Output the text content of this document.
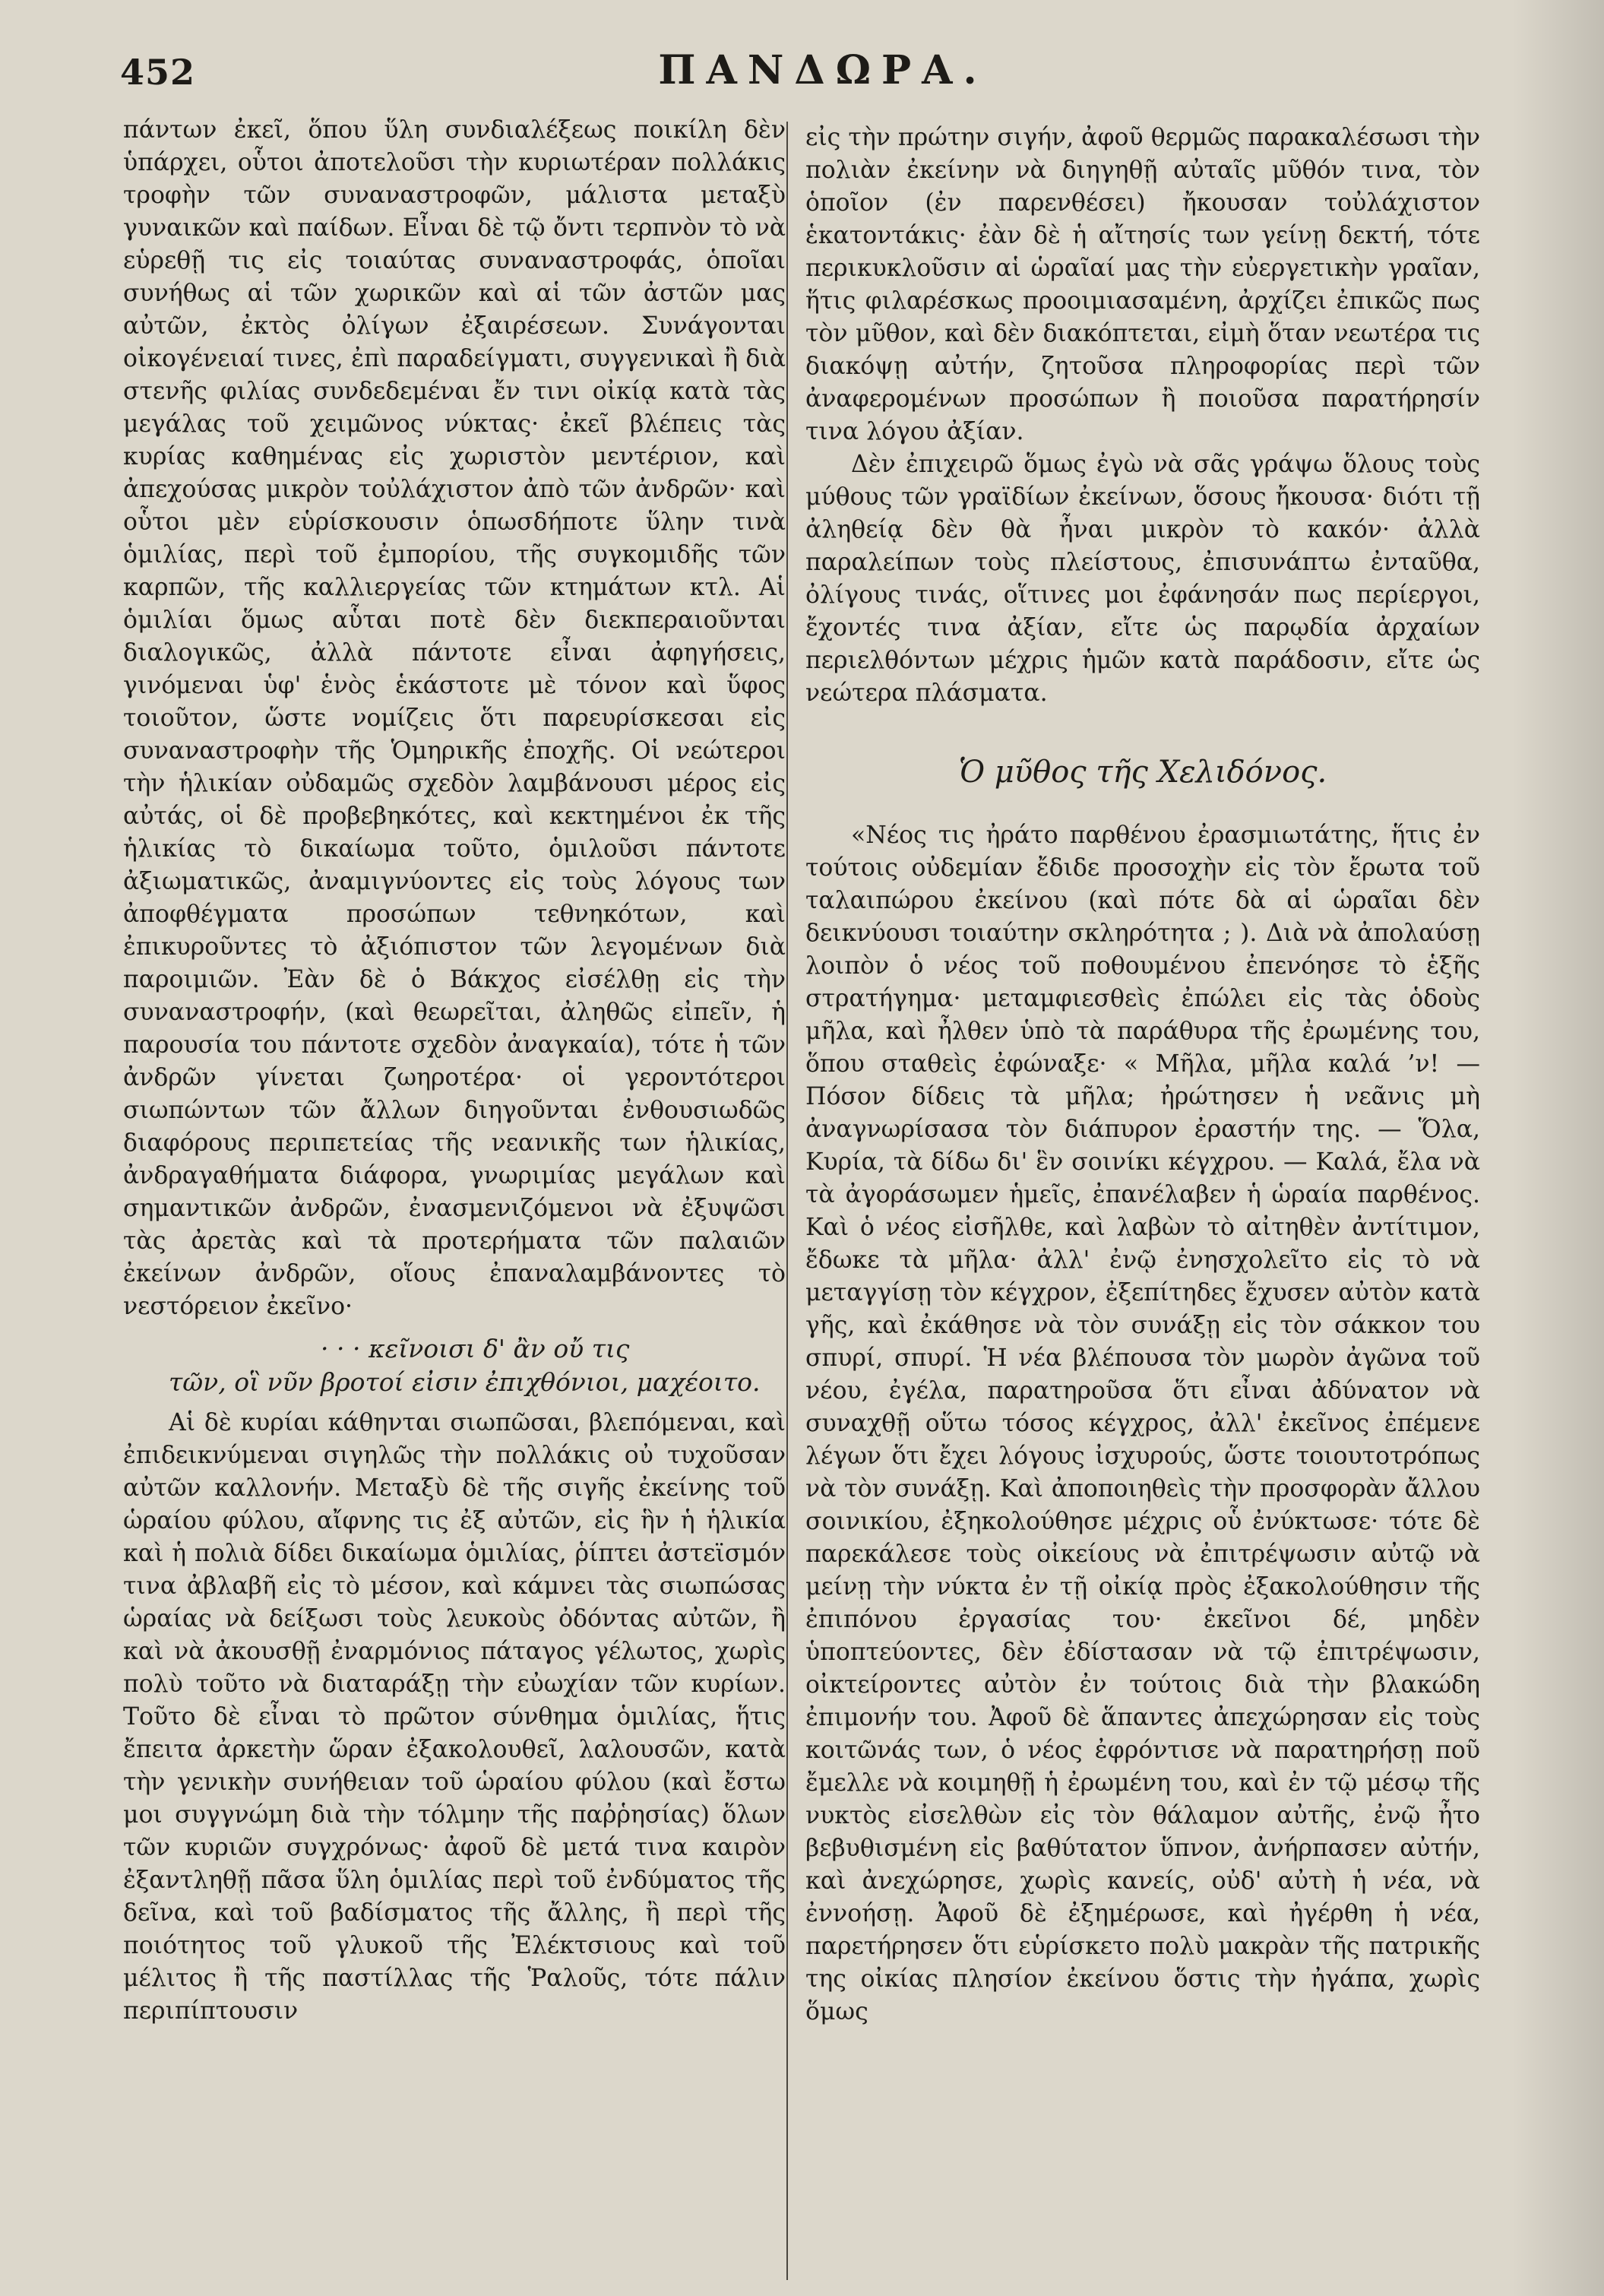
452	ΠΑΝΔΩΡΑ.

πάντων ἐκεῖ, ὅπου ὕλη συνδιαλέξεως ποικίλη δὲν ὑπάρχει, οὗτοι ἀποτελοῦσι τὴν κυριωτέραν πολλάκις τροφὴν τῶν συναναστροφῶν, μάλιστα μεταξὺ γυναικῶν καὶ παίδων. Εἶναι δὲ τῷ ὄντι τερπνὸν τὸ νὰ εὑρεθῇ τις εἰς τοιαύτας συναναστροφάς, ὁποῖαι συνήθως αἱ τῶν χωρικῶν καὶ αἱ τῶν ἀστῶν μας αὐτῶν, ἐκτὸς ὀλίγων ἐξαιρέσεων. Συνάγονται οἰκογένειαί τινες, ἐπὶ παραδείγματι, συγγενικαὶ ἢ διὰ στενῆς φιλίας συνδεδεμέναι ἔν τινι οἰκίᾳ κατὰ τὰς μεγάλας τοῦ χειμῶνος νύκτας· ἐκεῖ βλέπεις τὰς κυρίας καθημένας εἰς χωριστὸν μεντέριον, καὶ ἀπεχούσας μικρὸν τοὐλάχιστον ἀπὸ τῶν ἀνδρῶν· καὶ οὗτοι μὲν εὑρίσκουσιν ὁπωσδήποτε ὕλην τινὰ ὁμιλίας, περὶ τοῦ ἐμπορίου, τῆς συγκομιδῆς τῶν καρπῶν, τῆς καλλιεργείας τῶν κτημάτων κτλ. Αἱ ὁμιλίαι ὅμως αὗται ποτὲ δὲν διεκπεραιοῦνται διαλογικῶς, ἀλλὰ πάντοτε εἶναι ἀφηγήσεις, γινόμεναι ὑφ' ἑνὸς ἑκάστοτε μὲ τόνον καὶ ὕφος τοιοῦτον, ὥστε νομίζεις ὅτι παρευρίσκεσαι εἰς συναναστροφὴν τῆς Ὁμηρικῆς ἐποχῆς. Οἱ νεώτεροι τὴν ἡλικίαν οὐδαμῶς σχεδὸν λαμβάνουσι μέρος εἰς αὐτάς, οἱ δὲ προβεβηκότες, καὶ κεκτημένοι ἐκ τῆς ἡλικίας τὸ δικαίωμα τοῦτο, ὁμιλοῦσι πάντοτε ἀξιωματικῶς, ἀναμιγνύοντες εἰς τοὺς λόγους των ἀποφθέγματα προσώπων τεθνηκότων, καὶ ἐπικυροῦντες τὸ ἀξιόπιστον τῶν λεγομένων διὰ παροιμιῶν. Ἐὰν δὲ ὁ Βάκχος εἰσέλθῃ εἰς τὴν συναναστροφήν, (καὶ θεωρεῖται, ἀληθῶς εἰπεῖν, ἡ παρουσία του πάντοτε σχεδὸν ἀναγκαία), τότε ἡ τῶν ἀνδρῶν γίνεται ζωηροτέρα· οἱ γεροντότεροι σιωπώντων τῶν ἄλλων διηγοῦνται ἐνθουσιωδῶς διαφόρους περιπετείας τῆς νεανικῆς των ἡλικίας, ἀνδραγαθήματα διάφορα, γνωριμίας μεγάλων καὶ σημαντικῶν ἀνδρῶν, ἐνασμενιζόμενοι νὰ ἐξυψῶσι τὰς ἀρετὰς καὶ τὰ προτερήματα τῶν παλαιῶν ἐκείνων ἀνδρῶν, οἵους ἐπαναλαμβάνοντες τὸ νεστόρειον ἐκεῖνο·

· · · κεῖνοισι δ' ἂν οὔ τις
τῶν, οἳ νῦν βροτοί εἰσιν ἐπιχθόνιοι, μαχέοιτο.

Αἱ δὲ κυρίαι κάθηνται σιωπῶσαι, βλεπόμεναι, καὶ ἐπιδεικνύμεναι σιγηλῶς τὴν πολλάκις οὐ τυχοῦσαν αὐτῶν καλλονήν. Μεταξὺ δὲ τῆς σιγῆς ἐκείνης τοῦ ὡραίου φύλου, αἴφνης τις ἐξ αὐτῶν, εἰς ἣν ἡ ἡλικία καὶ ἡ πολιὰ δίδει δικαίωμα ὁμιλίας, ῥίπτει ἀστεϊσμόν τινα ἀβλαβῆ εἰς τὸ μέσον, καὶ κάμνει τὰς σιωπώσας ὡραίας νὰ δείξωσι τοὺς λευκοὺς ὀδόντας αὐτῶν, ἢ καὶ νὰ ἀκουσθῇ ἐναρμόνιος πάταγος γέλωτος, χωρὶς πολὺ τοῦτο νὰ διαταράξῃ τὴν εὐωχίαν τῶν κυρίων. Τοῦτο δὲ εἶναι τὸ πρῶτον σύνθημα ὁμιλίας, ἥτις ἔπειτα ἀρκετὴν ὥραν ἐξακολουθεῖ, λαλουσῶν, κατὰ τὴν γενικὴν συνήθειαν τοῦ ὡραίου φύλου (καὶ ἔστω μοι συγγνώμη διὰ τὴν τόλμην τῆς παῤῥησίας) ὅλων τῶν κυριῶν συγχρόνως· ἀφοῦ δὲ μετά τινα καιρὸν ἐξαντληθῇ πᾶσα ὕλη ὁμιλίας περὶ τοῦ ἐνδύματος τῆς δεῖνα, καὶ τοῦ βαδίσματος τῆς ἄλλης, ἢ περὶ τῆς ποιότητος τοῦ γλυκοῦ τῆς Ἐλέκτσιους καὶ τοῦ μέλιτος ἢ τῆς παστίλλας τῆς Ῥαλοῦς, τότε πάλιν περιπίπτουσιν

εἰς τὴν πρώτην σιγήν, ἀφοῦ θερμῶς παρακαλέσωσι τὴν πολιὰν ἐκείνην νὰ διηγηθῇ αὐταῖς μῦθόν τινα, τὸν ὁποῖον (ἐν παρενθέσει) ἤκουσαν τοὐλάχιστον ἑκατοντάκις· ἐὰν δὲ ἡ αἴτησίς των γείνῃ δεκτή, τότε περικυκλοῦσιν αἱ ὡραῖαί μας τὴν εὐεργετικὴν γραῖαν, ἥτις φιλαρέσκως προοιμιασαμένη, ἀρχίζει ἐπικῶς πως τὸν μῦθον, καὶ δὲν διακόπτεται, εἰμὴ ὅταν νεωτέρα τις διακόψῃ αὐτήν, ζητοῦσα πληροφορίας περὶ τῶν ἀναφερομένων προσώπων ἢ ποιοῦσα παρατήρησίν τινα λόγου ἀξίαν.

Δὲν ἐπιχειρῶ ὅμως ἐγὼ νὰ σᾶς γράψω ὅλους τοὺς μύθους τῶν γραϊδίων ἐκείνων, ὅσους ἤκουσα· διότι τῇ ἀληθείᾳ δὲν θὰ ἦναι μικρὸν τὸ κακόν· ἀλλὰ παραλείπων τοὺς πλείστους, ἐπισυνάπτω ἐνταῦθα, ὀλίγους τινάς, οἵτινες μοι ἐφάνησάν πως περίεργοι, ἔχοντές τινα ἀξίαν, εἴτε ὡς παρῳδία ἀρχαίων περιελθόντων μέχρις ἡμῶν κατὰ παράδοσιν, εἴτε ὡς νεώτερα πλάσματα.

Ὁ μῦθος τῆς Χελιδόνος.

«Νέος τις ἠράτο παρθένου ἐρασμιωτάτης, ἥτις ἐν τούτοις οὐδεμίαν ἔδιδε προσοχὴν εἰς τὸν ἔρωτα τοῦ ταλαιπώρου ἐκείνου (καὶ πότε δὰ αἱ ὡραῖαι δὲν δεικνύουσι τοιαύτην σκληρότητα ; ). Διὰ νὰ ἀπολαύσῃ λοιπὸν ὁ νέος τοῦ ποθουμένου ἐπενόησε τὸ ἑξῆς στρατήγημα· μεταμφιεσθεὶς ἐπώλει εἰς τὰς ὁδοὺς μῆλα, καὶ ἦλθεν ὑπὸ τὰ παράθυρα τῆς ἐρωμένης του, ὅπου σταθεὶς ἐφώναξε· « Μῆλα, μῆλα καλά ’ν! — Πόσον δίδεις τὰ μῆλα; ἠρώτησεν ἡ νεᾶνις μὴ ἀναγνωρίσασα τὸν διάπυρον ἐραστήν της. — Ὅλα, Κυρία, τὰ δίδω δι' ἓν σοινίκι κέγχρου. — Καλά, ἔλα νὰ τὰ ἀγοράσωμεν ἡμεῖς, ἐπανέλαβεν ἡ ὡραία παρθένος. Καὶ ὁ νέος εἰσῆλθε, καὶ λαβὼν τὸ αἰτηθὲν ἀντίτιμον, ἔδωκε τὰ μῆλα· ἀλλ' ἐνῷ ἐνησχολεῖτο εἰς τὸ νὰ μεταγγίσῃ τὸν κέγχρον, ἐξεπίτηδες ἔχυσεν αὐτὸν κατὰ γῆς, καὶ ἐκάθησε νὰ τὸν συνάξῃ εἰς τὸν σάκκον του σπυρί, σπυρί. Ἡ νέα βλέπουσα τὸν μωρὸν ἀγῶνα τοῦ νέου, ἐγέλα, παρατηροῦσα ὅτι εἶναι ἀδύνατον νὰ συναχθῇ οὕτω τόσος κέγχρος, ἀλλ' ἐκεῖνος ἐπέμενε λέγων ὅτι ἔχει λόγους ἰσχυρούς, ὥστε τοιουτοτρόπως νὰ τὸν συνάξῃ. Καὶ ἀποποιηθεὶς τὴν προσφορὰν ἄλλου σοινικίου, ἐξηκολούθησε μέχρις οὗ ἐνύκτωσε· τότε δὲ παρεκάλεσε τοὺς οἰκείους νὰ ἐπιτρέψωσιν αὐτῷ νὰ μείνῃ τὴν νύκτα ἐν τῇ οἰκίᾳ πρὸς ἐξακολούθησιν τῆς ἐπιπόνου ἐργασίας του· ἐκεῖνοι δέ, μηδὲν ὑποπτεύοντες, δὲν ἐδίστασαν νὰ τῷ ἐπιτρέψωσιν, οἰκτείροντες αὐτὸν ἐν τούτοις διὰ τὴν βλακώδη ἐπιμονήν του. Ἀφοῦ δὲ ἅπαντες ἀπεχώρησαν εἰς τοὺς κοιτῶνάς των, ὁ νέος ἐφρόντισε νὰ παρατηρήσῃ ποῦ ἔμελλε νὰ κοιμηθῇ ἡ ἐρωμένη του, καὶ ἐν τῷ μέσῳ τῆς νυκτὸς εἰσελθὼν εἰς τὸν θάλαμον αὐτῆς, ἐνῷ ἦτο βεβυθισμένη εἰς βαθύτατον ὕπνον, ἀνήρπασεν αὐτήν, καὶ ἀνεχώρησε, χωρὶς κανείς, οὐδ' αὐτὴ ἡ νέα, νὰ ἐννοήσῃ. Ἀφοῦ δὲ ἐξημέρωσε, καὶ ἠγέρθη ἡ νέα, παρετήρησεν ὅτι εὑρίσκετο πολὺ μακρὰν τῆς πατρικῆς της οἰκίας πλησίον ἐκείνου ὅστις τὴν ἠγάπα, χωρὶς ὅμως
